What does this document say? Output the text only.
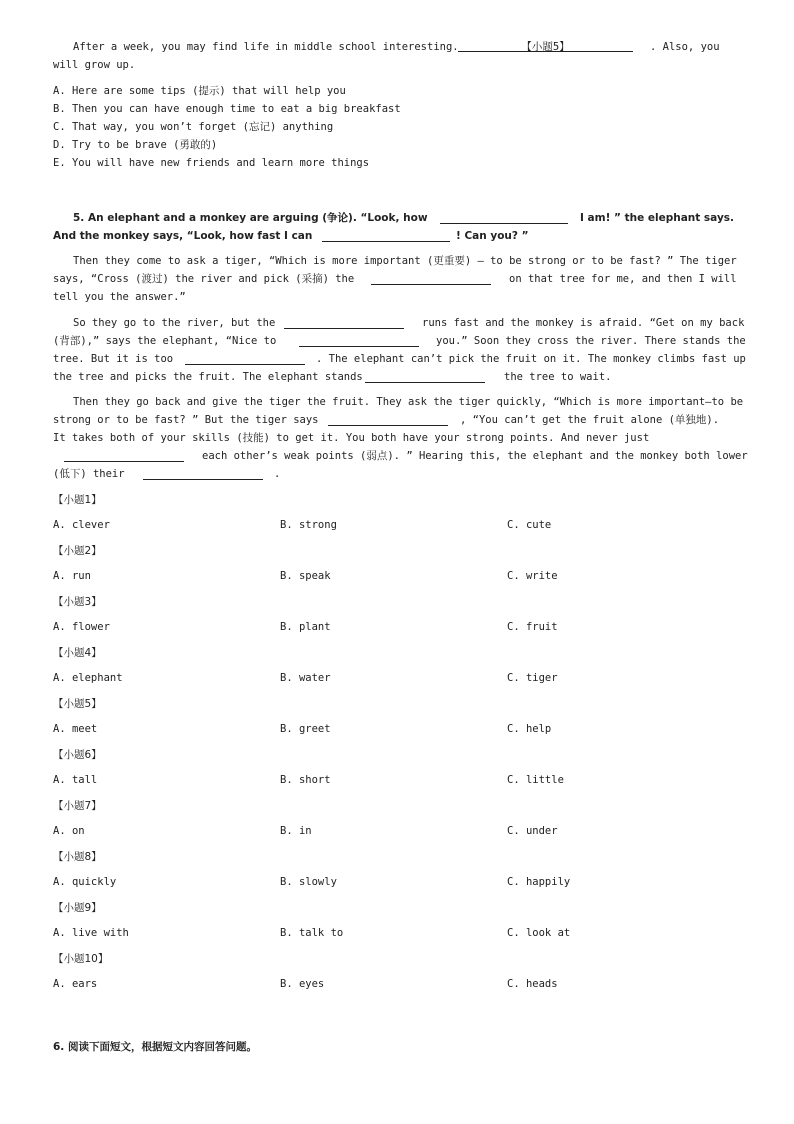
After a week, you may find life in middle school interesting.	【小题5】	. Also, you
will grow up.
A. Here are some tips (提示) that will help you
B. Then you can have enough time to eat a big breakfast
C. That way, you won’t forget (忘记) anything
D. Try to be brave (勇敢的)
E. You will have new friends and learn more things
5. An elephant and a monkey are arguing (争论). “Look, how	I am! ” the elephant says.
And the monkey says, “Look, how fast I can	! Can you? ”
Then they come to ask a tiger, “Which is more important (更重要) — to be strong or to be fast? ” The tiger
says, “Cross (渡过) the river and pick (采摘) the	on that tree for me, and then I will
tell you the answer.”
So they go to the river, but the	runs fast and the monkey is afraid. “Get on my back
(背部),” says the elephant, “Nice to	you.” Soon they cross the river. There stands the
tree. But it is too	. The elephant can’t pick the fruit on it. The monkey climbs fast up
the tree and picks the fruit. The elephant stands	the tree to wait.
Then they go back and give the tiger the fruit. They ask the tiger quickly, “Which is more important—to be
strong or to be fast? ” But the tiger says	, “You can’t get the fruit alone (单独地).
It takes both of your skills (技能) to get it. You both have your strong points. And never just
each other’s weak points (弱点). ” Hearing this, the elephant and the monkey both lower
(低下) their	.
【小题1】
A. clever	B. strong	C. cute
【小题2】
A. run	B. speak	C. write
【小题3】
A. flower	B. plant	C. fruit
【小题4】
A. elephant	B. water	C. tiger
【小题5】
A. meet	B. greet	C. help
【小题6】
A. tall	B. short	C. little
【小题7】
A. on	B. in	C. under
【小题8】
A. quickly	B. slowly	C. happily
【小题9】
A. live with	B. talk to	C. look at
【小题10】
A. ears	B. eyes	C. heads
6. 阅读下面短文，根据短文内容回答问题。
